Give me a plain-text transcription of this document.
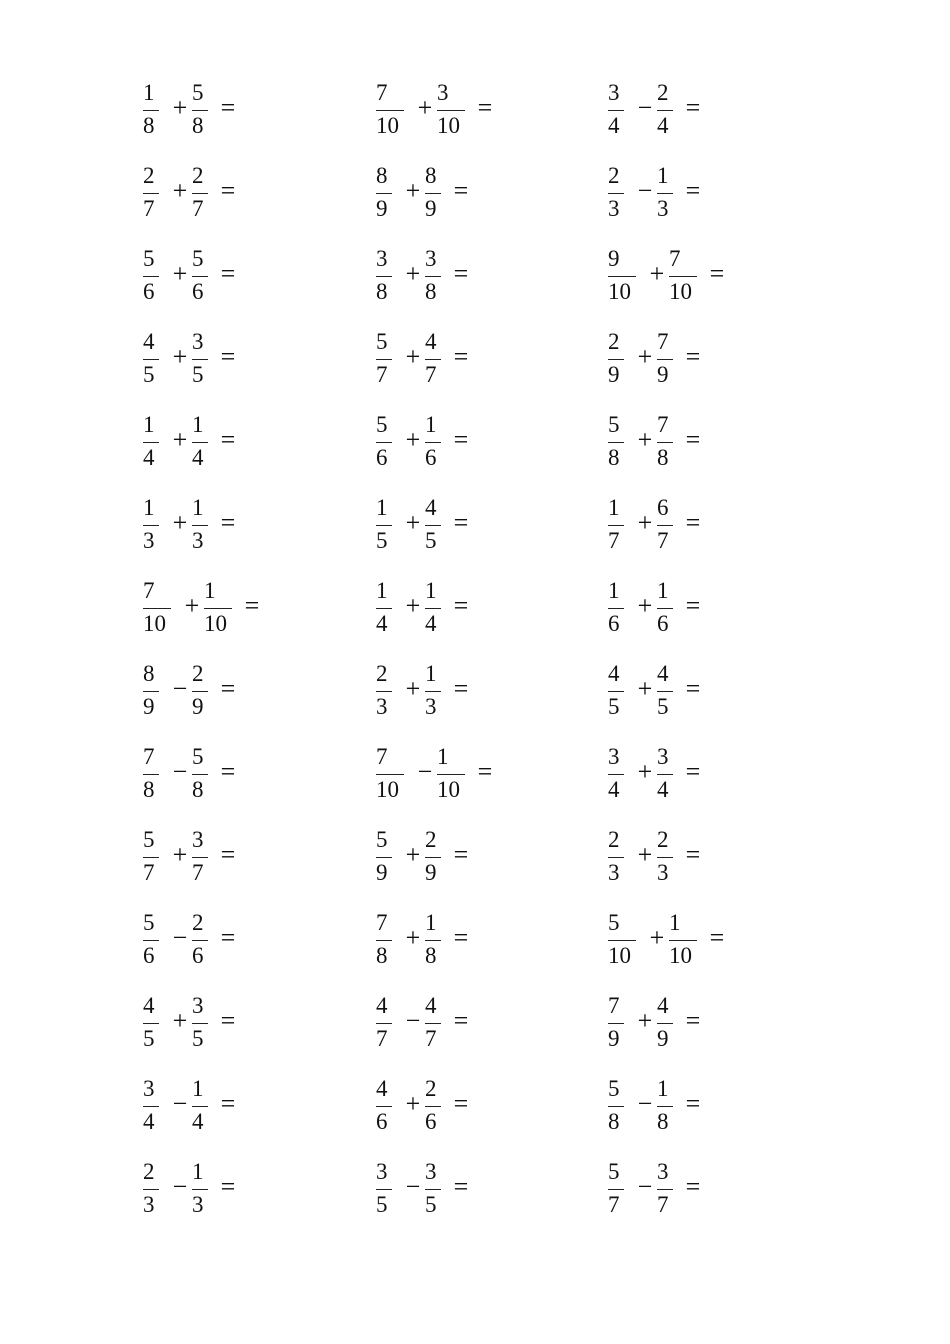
1
8
+
5
8
=
2
7
+
2
7
=
5
6
+
5
6
=
4
5
+
3
5
=
1
4
+
1
4
=
1
3
+
1
3
=
7
10
+
1
10
=
8
9
−
2
9
=
7
8
−
5
8
=
5
7
+
3
7
=
5
6
−
2
6
=
4
5
+
3
5
=
3
4
−
1
4
=
2
3
−
1
3
=
7
10
+
3
10
=
8
9
+
8
9
=
3
8
+
3
8
=
5
7
+
4
7
=
5
6
+
1
6
=
1
5
+
4
5
=
1
4
+
1
4
=
2
3
+
1
3
=
7
10
−
1
10
=
5
9
+
2
9
=
7
8
+
1
8
=
4
7
−
4
7
=
4
6
+
2
6
=
3
5
−
3
5
=
3
4
−
2
4
=
2
3
−
1
3
=
9
10
+
7
10
=
2
9
+
7
9
=
5
8
+
7
8
=
1
7
+
6
7
=
1
6
+
1
6
=
4
5
+
4
5
=
3
4
+
3
4
=
2
3
+
2
3
=
5
10
+
1
10
=
7
9
+
4
9
=
5
8
−
1
8
=
5
7
−
3
7
=
